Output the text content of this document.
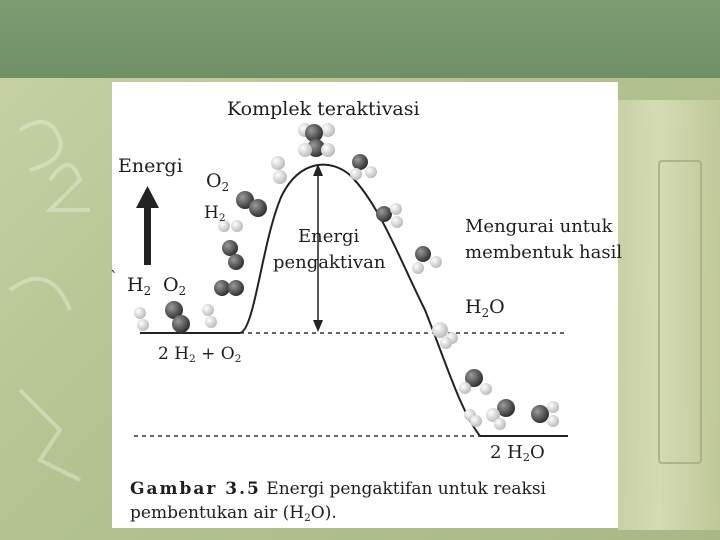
Komplek teraktivasi
Energi
O2
H2
Energi
pengaktivan
Mengurai untuk
membentuk hasil
` H2 O2
H2O
2 H2 + O2
2 H2O
Gambar 3.5 Energi pengaktifan untuk reaksi pembentukan air (H2O).
